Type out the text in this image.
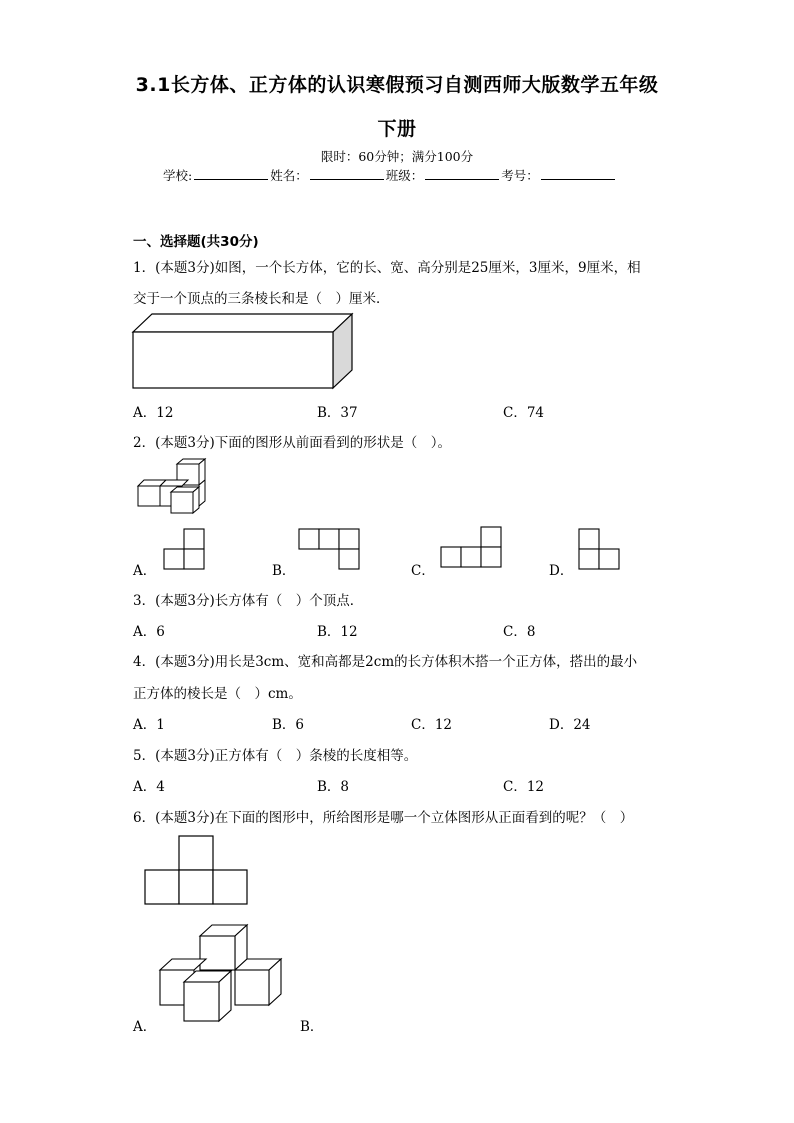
3.1长方体、正方体的认识寒假预习自测西师大版数学五年级
下册
限时：60分钟；满分100分
学校:	姓名：	班级：	考号：
一、选择题(共30分)
1．(本题3分)如图，一个长方体，它的长、宽、高分别是25厘米，3厘米，9厘米，相
交于一个顶点的三条棱长和是（　）厘米．
A．12	B．37	C．74
2．(本题3分)下面的图形从前面看到的形状是（　）。
A．	B．	C．	D．
3．(本题3分)长方体有（　）个顶点．
A．6	B．12	C．8
4．(本题3分)用长是3cm、宽和高都是2cm的长方体积木搭一个正方体，搭出的最小
正方体的棱长是（　）cm。
A．1	B．6	C．12	D．24
5．(本题3分)正方体有（　）条棱的长度相等。
A．4	B．8	C．12
6．(本题3分)在下面的图形中，所给图形是哪一个立体图形从正面看到的呢？（　）
A．	B．
